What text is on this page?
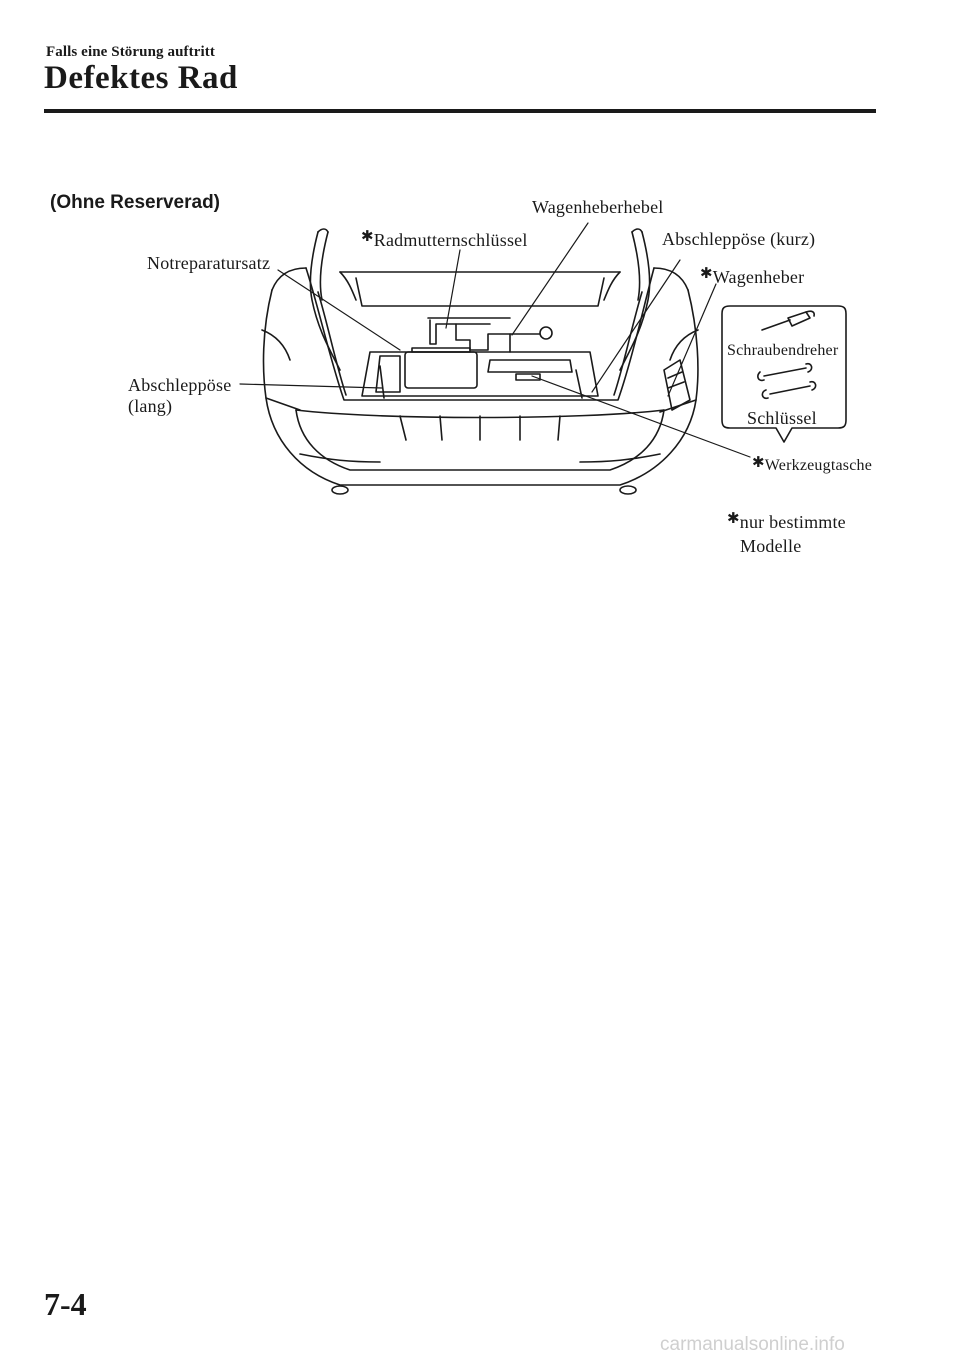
Falls eine Störung auftritt
Defektes Rad
(Ohne Reserverad)	Wagenheberhebel
✱Radmutternschlüssel	Abschleppöse (kurz)
Notreparatursatz
✱Wagenheber
Schraubendreher
Abschleppöse
(lang)
Schlüssel
✱Werkzeugtasche
✱nur bestimmte
Modelle
7-4
carmanualsonline.info
